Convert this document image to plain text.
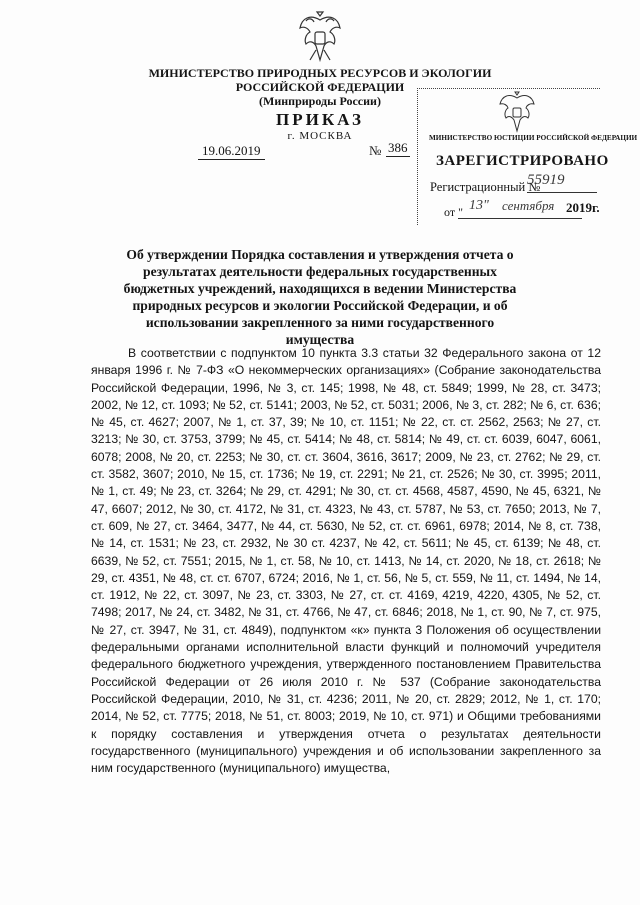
МИНИСТЕРСТВО ПРИРОДНЫХ РЕСУРСОВ И ЭКОЛОГИИ
РОССИЙСКОЙ ФЕДЕРАЦИИ
(Минприроды России)
ПРИКАЗ
г. МОСКВА
19.06.2019	№ 386
МИНИСТЕРСТВО ЮСТИЦИИ РОССИЙСКОЙ ФЕДЕРАЦИИ
ЗАРЕГИСТРИРОВАНО
Регистрационный №
55919
от " 13" сентября 2019г.
Об утверждении Порядка составления и утверждения отчета о результатах деятельности федеральных государственных бюджетных учреждений, находящихся в ведении Министерства природных ресурсов и экологии Российской Федерации, и об использовании закрепленного за ними государственного имущества

В соответствии с подпунктом 10 пункта 3.3 статьи 32 Федерального закона от 12 января 1996 г. № 7-ФЗ «О некоммерческих организациях» (Собрание законодательства Российской Федерации, 1996, № 3, ст. 145; 1998, № 48, ст. 5849; 1999, № 28, ст. 3473; 2002, № 12, ст. 1093; № 52, ст. 5141; 2003, № 52, ст. 5031; 2006, № 3, ст. 282; № 6, ст. 636; № 45, ст. 4627; 2007, № 1, ст. 37, 39; № 10, ст. 1151; № 22, ст. ст. 2562, 2563; № 27, ст. 3213; № 30, ст. 3753, 3799; № 45, ст. 5414; № 48, ст. 5814; № 49, ст. ст. 6039, 6047, 6061, 6078; 2008, № 20, ст. 2253; № 30, ст. ст. 3604, 3616, 3617; 2009, № 23, ст. 2762; № 29, ст. ст. 3582, 3607; 2010, № 15, ст. 1736; № 19, ст. 2291; № 21, ст. 2526; № 30, ст. 3995; 2011, № 1, ст. 49; № 23, ст. 3264; № 29, ст. 4291; № 30, ст. ст. 4568, 4587, 4590, № 45, 6321, № 47, 6607; 2012, № 30, ст. 4172, № 31, ст. 4323, № 43, ст. 5787, № 53, ст. 7650; 2013, № 7, ст. 609, № 27, ст. 3464, 3477, № 44, ст. 5630, № 52, ст. ст. 6961, 6978; 2014, № 8, ст. 738, № 14, ст. 1531; № 23, ст. 2932, № 30 ст. 4237, № 42, ст. 5611; № 45, ст. 6139; № 48, ст. 6639, № 52, ст. 7551; 2015, № 1, ст. 58, № 10, ст. 1413, № 14, ст. 2020, № 18, ст. 2618; № 29, ст. 4351, № 48, ст. ст. 6707, 6724; 2016, № 1, ст. 56, № 5, ст. 559, № 11, ст. 1494, № 14, ст. 1912, № 22, ст. 3097, № 23, ст. 3303, № 27, ст. ст. 4169, 4219, 4220, 4305, № 52, ст. 7498; 2017, № 24, ст. 3482, № 31, ст. 4766, № 47, ст. 6846; 2018, № 1, ст. 90, № 7, ст. 975, № 27, ст. 3947, № 31, ст. 4849), подпунктом «к» пункта 3 Положения об осуществлении федеральными органами исполнительной власти функций и полномочий учредителя федерального бюджетного учреждения, утвержденного постановлением Правительства Российской Федерации от 26 июля 2010 г. № 537 (Собрание законодательства Российской Федерации, 2010, № 31, ст. 4236; 2011, № 20, ст. 2829; 2012, № 1, ст. 170; 2014, № 52, ст. 7775; 2018, № 51, ст. 8003; 2019, № 10, ст. 971) и Общими требованиями к порядку составления и утверждения отчета о результатах деятельности государственного (муниципального) учреждения и об использовании закрепленного за ним государственного (муниципального) имущества,
